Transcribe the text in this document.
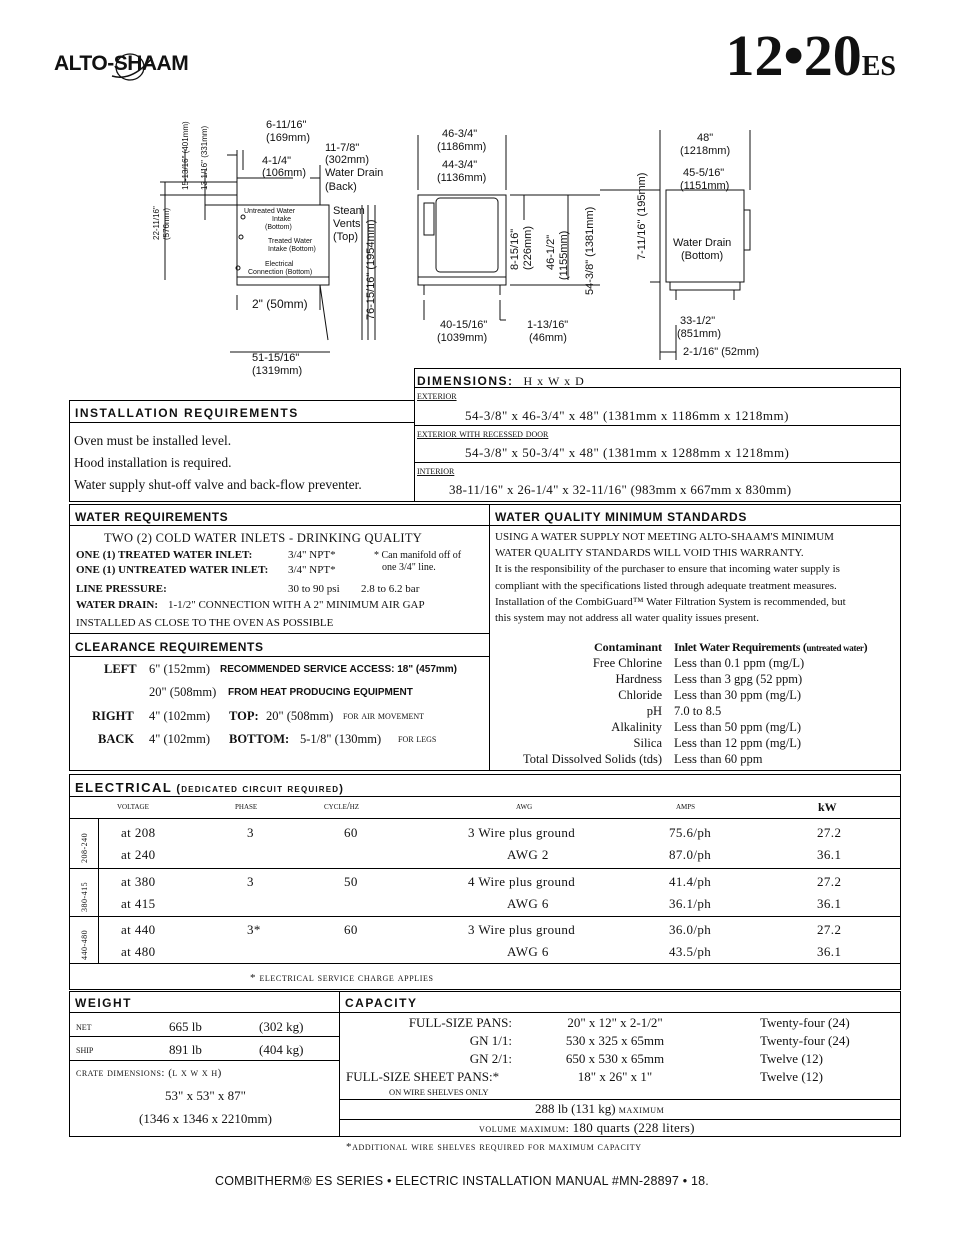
ALTO-SHAAM	12•20ES
6-11/16"
(169mm)
4-1/4"
(106mm)
11-7/8"
(302mm)
Water Drain
(Back)
15-13/16" (401mm) 13-1/16" (331mm)
22-11/16" (576mm)	Steam
Vents
(Top)
Untreated Water
Intake
(Bottom)
Treated Water
Intake (Bottom)
Electrical
Connection (Bottom)
2" (50mm)	76-15/16" (1954mm)
51-15/16"
(1319mm)
46-3/4"
(1186mm)
44-3/4"
(1136mm)
8-15/16" (226mm) 46-1/2" (1155mm) 54-3/8" (1381mm)
40-15/16"
(1039mm)
1-13/16"
(46mm)
48"
(1218mm)
45-5/16"
(1151mm)
7-11/16" (195mm) Water Drain
(Bottom)
33-1/2"
(851mm)
2-1/16" (52mm)
DIMENSIONS: H x W x D
exterior
54-3/8" x 46-3/4" x 48" (1381mm x 1186mm x 1218mm)
exterior with recessed door
54-3/8" x 50-3/4" x 48" (1381mm x 1288mm x 1218mm)
interior
38-11/16" x 26-1/4" x 32-11/16" (983mm x 667mm x 830mm)
INSTALLATION REQUIREMENTS
Oven must be installed level.
Hood installation is required.
Water supply shut-off valve and back-flow preventer.
WATER REQUIREMENTS
TWO (2) COLD WATER INLETS - DRINKING QUALITY
ONE (1) TREATED WATER INLET:	3/4" NPT*
ONE (1) UNTREATED WATER INLET: 3/4" NPT*
* Can manifold off of
one 3/4" line.
LINE PRESSURE:	30 to 90 psi 2.8 to 6.2 bar
WATER DRAIN: 1-1/2" CONNECTION WITH A 2" MINIMUM AIR GAP
INSTALLED AS CLOSE TO THE OVEN AS POSSIBLE
CLEARANCE REQUIREMENTS
LEFT 6" (152mm) RECOMMENDED SERVICE ACCESS: 18" (457mm)
20" (508mm) FROM HEAT PRODUCING EQUIPMENT
RIGHT 4" (102mm) TOP: 20" (508mm) for air movement
BACK 4" (102mm) BOTTOM: 5-1/8" (130mm) for legs
WATER QUALITY MINIMUM STANDARDS
USING A WATER SUPPLY NOT MEETING ALTO-SHAAM'S MINIMUM
WATER QUALITY STANDARDS WILL VOID THIS WARRANTY.
It is the responsibility of the purchaser to ensure that incoming water supply is
compliant with the specifications listed through adequate treatment measures.
Installation of the CombiGuard™ Water Filtration System is recommended, but
this system may not address all water quality issues present.
Contaminant Inlet Water Requirements (untreated water)
Free Chlorine Less than 0.1 ppm (mg/L)
Hardness Less than 3 gpg (52 ppm)
Chloride Less than 30 ppm (mg/L)
pH 7.0 to 8.5
Alkalinity Less than 50 ppm (mg/L)
Silica Less than 12 ppm (mg/L)
Total Dissolved Solids (tds) Less than 60 ppm
ELECTRICAL (dedicated circuit required)
voltage	phase	cycle/hz	awg	amps	kW
208-240
at 208	3	60	3 Wire plus ground	75.6/ph	27.2
at 240	AWG 2	87.0/ph	36.1
380-415
at 380	3	50	4 Wire plus ground	41.4/ph	27.2
at 415	AWG 6	36.1/ph	36.1
440-480
at 440	3*	60	3 Wire plus ground	36.0/ph	27.2
at 480	AWG 6	43.5/ph	36.1
* electrical service charge applies
WEIGHT
net	665 lb	(302 kg)
ship	891 lb	(404 kg)
crate dimensions: (l x w x h)
53" x 53" x 87"
(1346 x 1346 x 2210mm)
CAPACITY
FULL-SIZE PANS:	20" x 12" x 2-1/2"	Twenty-four (24)
GN 1/1:	530 x 325 x 65mm	Twenty-four (24)
GN 2/1:	650 x 530 x 65mm	Twelve (12)
FULL-SIZE SHEET PANS:*	18" x 26" x 1"	Twelve (12)
ON WIRE SHELVES ONLY
288 lb (131 kg) maximum
volume maximum: 180 quarts (228 liters)
*additional wire shelves required for maximum capacity
COMBITHERM® ES SERIES • ELECTRIC INSTALLATION MANUAL #MN-28897 • 18.
